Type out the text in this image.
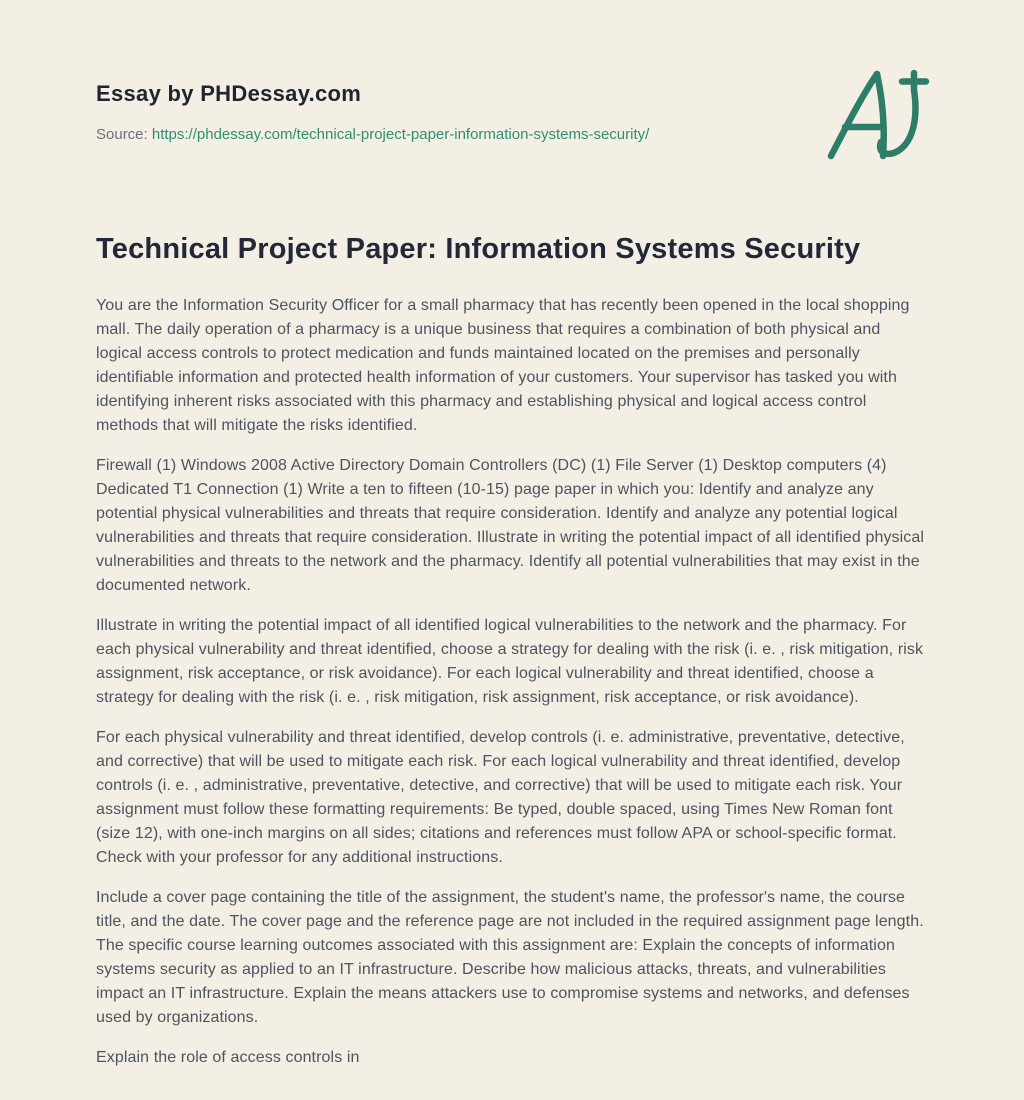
Essay by PHDessay.com
Source: https://phdessay.com/technical-project-paper-information-systems-security/
Technical Project Paper: Information Systems Security

You are the Information Security Officer for a small pharmacy that has recently been opened in the local shopping mall. The daily operation of a pharmacy is a unique business that requires a combination of both physical and logical access controls to protect medication and funds maintained located on the premises and personally identifiable information and protected health information of your customers. Your supervisor has tasked you with identifying inherent risks associated with this pharmacy and establishing physical and logical access control methods that will mitigate the risks identified.

Firewall (1) Windows 2008 Active Directory Domain Controllers (DC) (1) File Server (1) Desktop computers (4) Dedicated T1 Connection (1) Write a ten to fifteen (10-15) page paper in which you: Identify and analyze any potential physical vulnerabilities and threats that require consideration. Identify and analyze any potential logical vulnerabilities and threats that require consideration. Illustrate in writing the potential impact of all identified physical vulnerabilities and threats to the network and the pharmacy. Identify all potential vulnerabilities that may exist in the documented network.

Illustrate in writing the potential impact of all identified logical vulnerabilities to the network and the pharmacy. For each physical vulnerability and threat identified, choose a strategy for dealing with the risk (i. e. , risk mitigation, risk assignment, risk acceptance, or risk avoidance). For each logical vulnerability and threat identified, choose a strategy for dealing with the risk (i. e. , risk mitigation, risk assignment, risk acceptance, or risk avoidance).

For each physical vulnerability and threat identified, develop controls (i. e. administrative, preventative, detective, and corrective) that will be used to mitigate each risk. For each logical vulnerability and threat identified, develop controls (i. e. , administrative, preventative, detective, and corrective) that will be used to mitigate each risk. Your assignment must follow these formatting requirements: Be typed, double spaced, using Times New Roman font (size 12), with one-inch margins on all sides; citations and references must follow APA or school-specific format. Check with your professor for any additional instructions.

Include a cover page containing the title of the assignment, the student's name, the professor's name, the course title, and the date. The cover page and the reference page are not included in the required assignment page length. The specific course learning outcomes associated with this assignment are: Explain the concepts of information systems security as applied to an IT infrastructure. Describe how malicious attacks, threats, and vulnerabilities impact an IT infrastructure. Explain the means attackers use to compromise systems and networks, and defenses used by organizations.

Explain the role of access controls in
